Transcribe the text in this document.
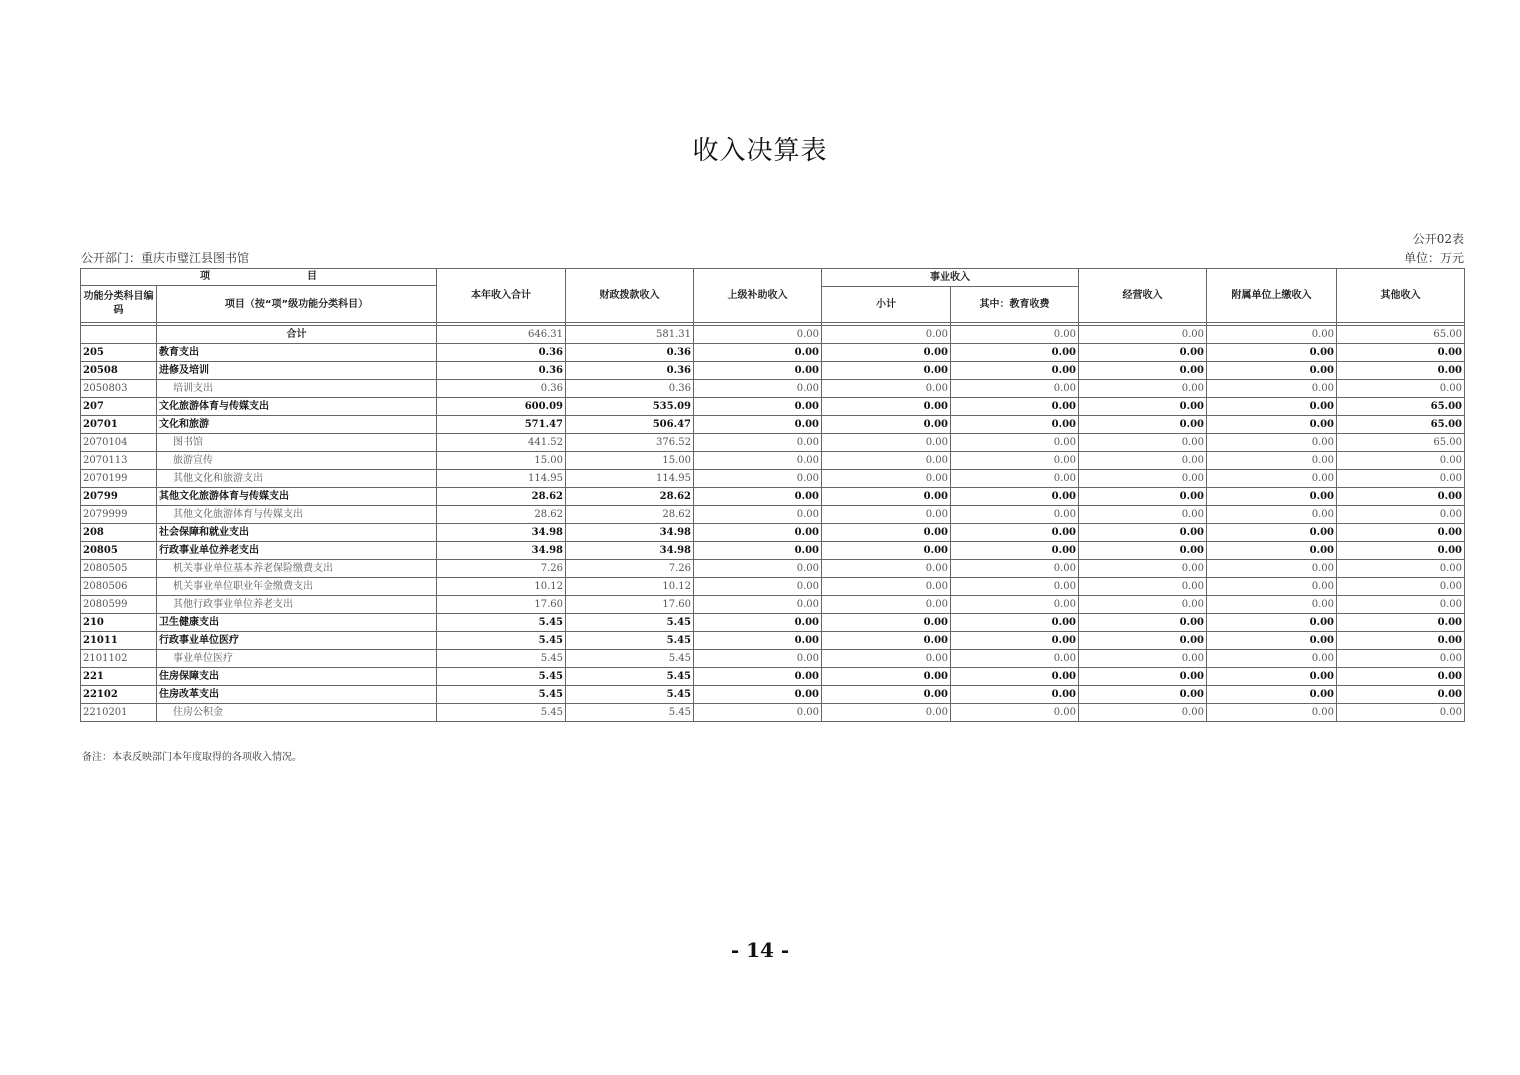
收入决算表
公开02表
单位：万元
公开部门：重庆市璧江县图书馆
项 目		本年收入合计	财政拨款收入	上级补助收入	事业收入		经营收入	附属单位上缴收入	其他收入
功能分类科目编码	项目（按“项”级功能分类科目）								
					小计	其中：教育收费			

	合计	646.31	581.31	0.00	0.00	0.00	0.00	0.00	65.00
205	教育支出	0.36	0.36	0.00	0.00	0.00	0.00	0.00	0.00
20508	进修及培训	0.36	0.36	0.00	0.00	0.00	0.00	0.00	0.00
2050803	培训支出	0.36	0.36	0.00	0.00	0.00	0.00	0.00	0.00
207	文化旅游体育与传媒支出	600.09	535.09	0.00	0.00	0.00	0.00	0.00	65.00
20701	文化和旅游	571.47	506.47	0.00	0.00	0.00	0.00	0.00	65.00
2070104	图书馆	441.52	376.52	0.00	0.00	0.00	0.00	0.00	65.00
2070113	旅游宣传	15.00	15.00	0.00	0.00	0.00	0.00	0.00	0.00
2070199	其他文化和旅游支出	114.95	114.95	0.00	0.00	0.00	0.00	0.00	0.00
20799	其他文化旅游体育与传媒支出	28.62	28.62	0.00	0.00	0.00	0.00	0.00	0.00
2079999	其他文化旅游体育与传媒支出	28.62	28.62	0.00	0.00	0.00	0.00	0.00	0.00
208	社会保障和就业支出	34.98	34.98	0.00	0.00	0.00	0.00	0.00	0.00
20805	行政事业单位养老支出	34.98	34.98	0.00	0.00	0.00	0.00	0.00	0.00
2080505	机关事业单位基本养老保险缴费支出	7.26	7.26	0.00	0.00	0.00	0.00	0.00	0.00
2080506	机关事业单位职业年金缴费支出	10.12	10.12	0.00	0.00	0.00	0.00	0.00	0.00
2080599	其他行政事业单位养老支出	17.60	17.60	0.00	0.00	0.00	0.00	0.00	0.00
210	卫生健康支出	5.45	5.45	0.00	0.00	0.00	0.00	0.00	0.00
21011	行政事业单位医疗	5.45	5.45	0.00	0.00	0.00	0.00	0.00	0.00
2101102	事业单位医疗	5.45	5.45	0.00	0.00	0.00	0.00	0.00	0.00
221	住房保障支出	5.45	5.45	0.00	0.00	0.00	0.00	0.00	0.00
22102	住房改革支出	5.45	5.45	0.00	0.00	0.00	0.00	0.00	0.00
2210201	住房公积金	5.45	5.45	0.00	0.00	0.00	0.00	0.00	0.00
备注：本表反映部门本年度取得的各项收入情况。
- 14 -
